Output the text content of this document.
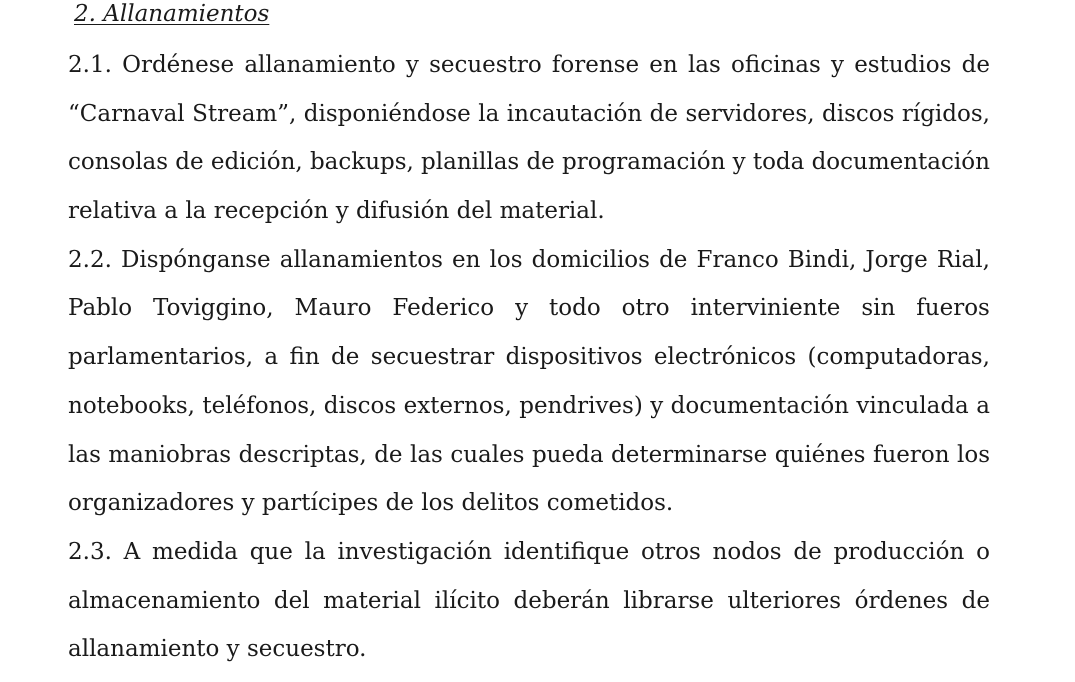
2. Allanamientos
2.1. Ordénese allanamiento y secuestro forense en las oficinas y estudios de
“Carnaval Stream”, disponiéndose la incautación de servidores, discos rígidos,
consolas de edición, backups, planillas de programación y toda documentación
relativa a la recepción y difusión del material.
2.2. Dispónganse allanamientos en los domicilios de Franco Bindi, Jorge Rial,
Pablo Toviggino, Mauro Federico y todo otro interviniente sin fueros
parlamentarios, a fin de secuestrar dispositivos electrónicos (computadoras,
notebooks, teléfonos, discos externos, pendrives) y documentación vinculada a
las maniobras descriptas, de las cuales pueda determinarse quiénes fueron los
organizadores y partícipes de los delitos cometidos.
2.3. A medida que la investigación identifique otros nodos de producción o
almacenamiento del material ilícito deberán librarse ulteriores órdenes de
allanamiento y secuestro.
